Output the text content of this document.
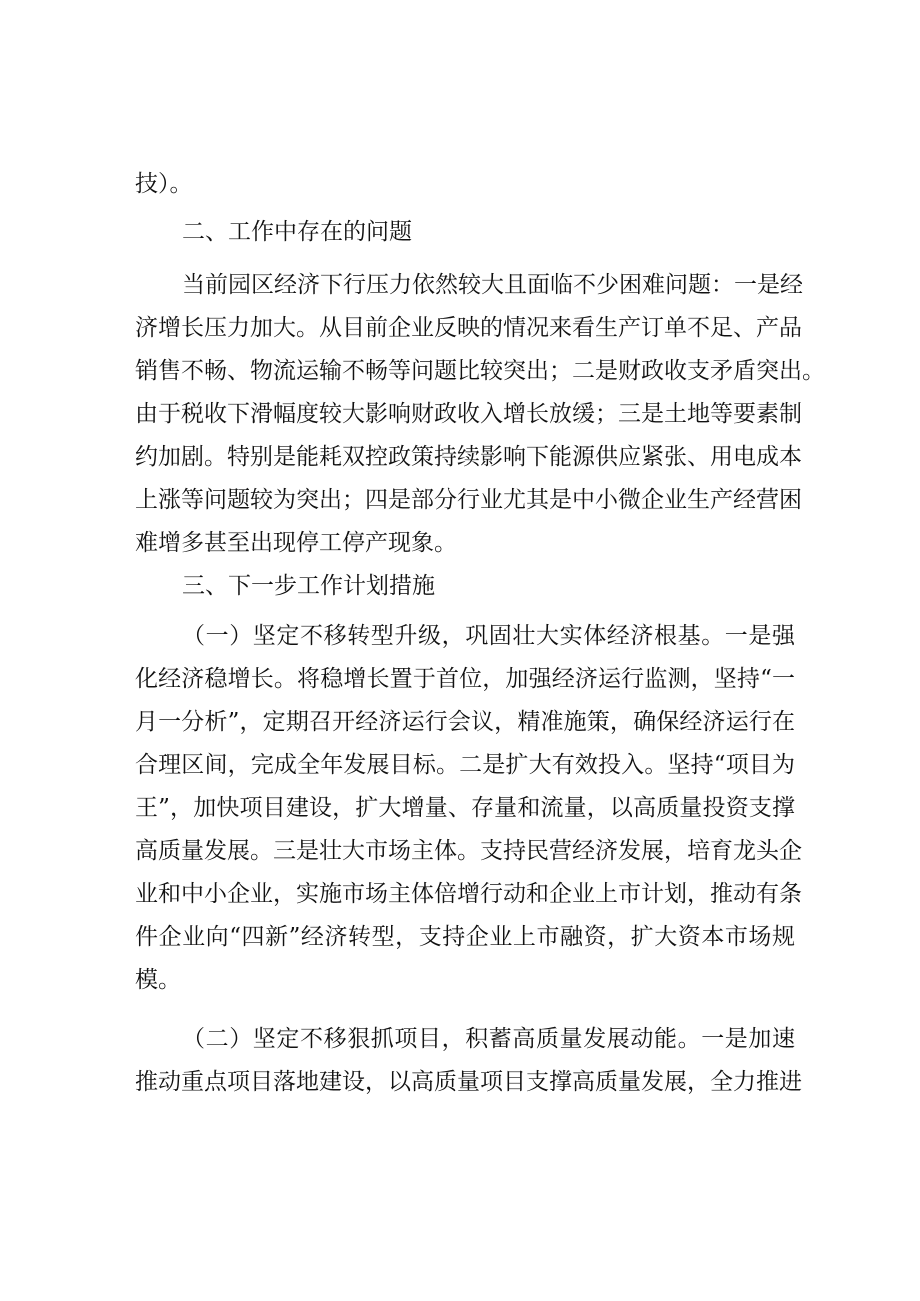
技）。
二、工作中存在的问题
当前园区经济下行压力依然较大且面临不少困难问题：一是经
济增长压力加大。从目前企业反映的情况来看生产订单不足、产品
销售不畅、物流运输不畅等问题比较突出；二是财政收支矛盾突出。
由于税收下滑幅度较大影响财政收入增长放缓；三是土地等要素制
约加剧。特别是能耗双控政策持续影响下能源供应紧张、用电成本
上涨等问题较为突出；四是部分行业尤其是中小微企业生产经营困
难增多甚至出现停工停产现象。
三、下一步工作计划措施
（一）坚定不移转型升级，巩固壮大实体经济根基。一是强
化经济稳增长。将稳增长置于首位，加强经济运行监测，坚持“一
月一分析”，定期召开经济运行会议，精准施策，确保经济运行在
合理区间，完成全年发展目标。二是扩大有效投入。坚持“项目为
王”，加快项目建设，扩大增量、存量和流量，以高质量投资支撑
高质量发展。三是壮大市场主体。支持民营经济发展，培育龙头企
业和中小企业，实施市场主体倍增行动和企业上市计划，推动有条
件企业向“四新”经济转型，支持企业上市融资，扩大资本市场规
模。
（二）坚定不移狠抓项目，积蓄高质量发展动能。一是加速
推动重点项目落地建设，以高质量项目支撑高质量发展，全力推进
